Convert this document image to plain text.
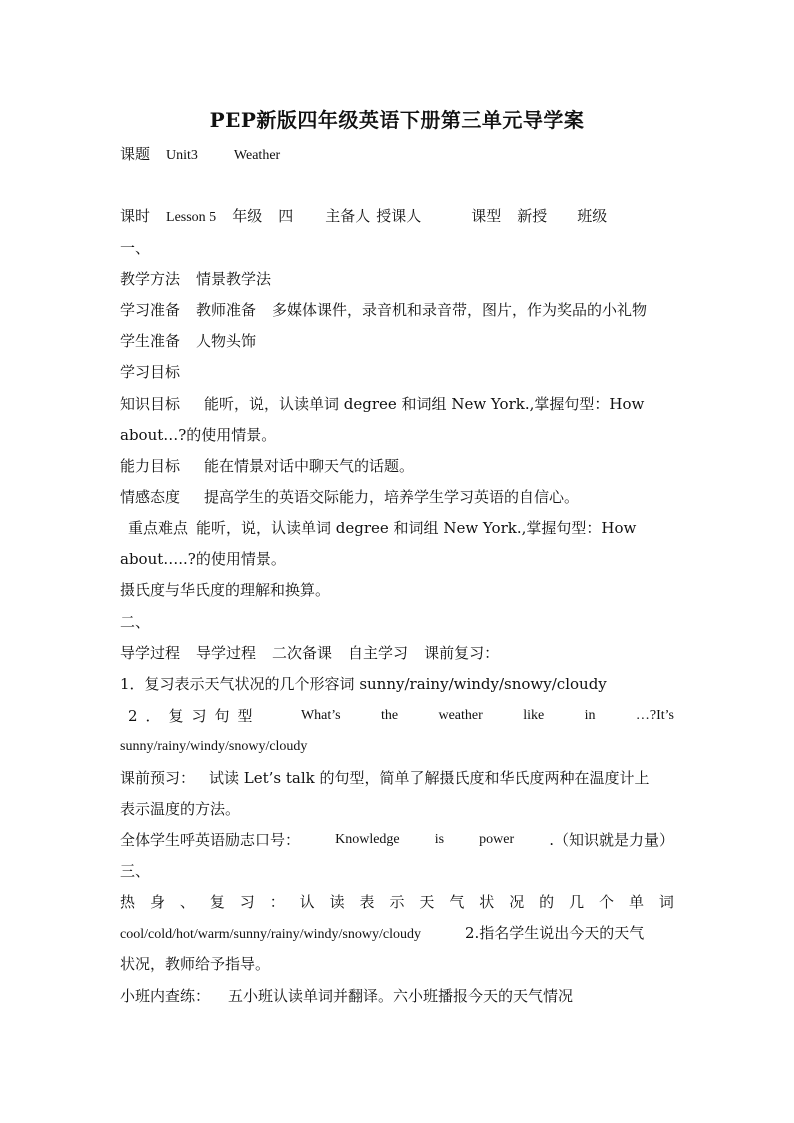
PEP新版四年级英语下册第三单元导学案
课题 Unit3	Weather
课时 Lesson 5 年级 四 主备人 授课人	课型 新授 班级
一、
教学方法 情景教学法
学习准备 教师准备 多媒体课件，录音机和录音带，图片，作为奖品的小礼物
学生准备 人物头饰
学习目标
知识目标 能听，说，认读单词 degree 和词组 New York.,掌握句型：How
about…?的使用情景。
能力目标 能在情景对话中聊天气的话题。
情感态度 提高学生的英语交际能力，培养学生学习英语的自信心。
重点难点 能听，说，认读单词 degree 和词组 New York.,掌握句型：How
about…..?的使用情景。
摄氏度与华氏度的理解和换算。
二、
导学过程 导学过程 二次备课 自主学习 课前复习：
1．复习表示天气状况的几个形容词 sunny/rainy/windy/snowy/cloudy
2．复习句型	What’s	the	weather	like	in	…?It’s
sunny/rainy/windy/snowy/cloudy
课前预习： 试读 Let’s talk 的句型，简单了解摄氏度和华氏度两种在温度计上
表示温度的方法。
全体学生呼英语励志口号：	Knowledge	is	power .（知识就是力量）
三、
热 身 、 复 习 ： 认 读 表 示 天 气 状 况 的 几 个 单 词
cool/cold/hot/warm/sunny/rainy/windy/snowy/cloudy	2.指名学生说出今天的天气
状况，教师给予指导。
小班内查练： 五小班认读单词并翻译。六小班播报今天的天气情况
